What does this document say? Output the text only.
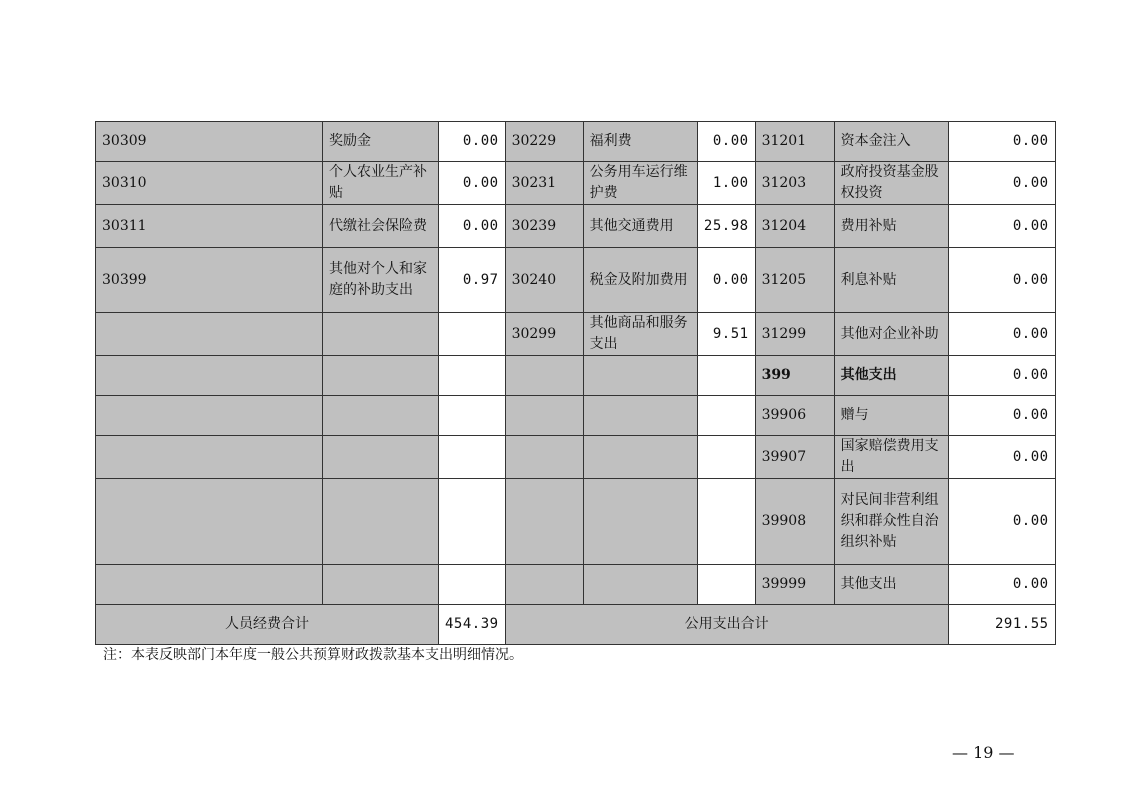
30309	奖励金	0.00	30229	福利费	0.00	31201	资本金注入	0.00
30310	个人农业生产补贴	0.00	30231	公务用车运行维护费	1.00	31203	政府投资基金股权投资	0.00
30311	代缴社会保险费	0.00	30239	其他交通费用	25.98	31204	费用补贴	0.00
30399	其他对个人和家庭的补助支出	0.97	30240	税金及附加费用	0.00	31205	利息补贴	0.00
			30299	其他商品和服务支出	9.51	31299	其他对企业补助	0.00
						399	其他支出	0.00
						39906	赠与	0.00
						39907	国家赔偿费用支出	0.00
						39908	对民间非营利组织和群众性自治组织补贴	0.00
						39999	其他支出	0.00
人员经费合计		454.39	公用支出合计					291.55
注：本表反映部门本年度一般公共预算财政拨款基本支出明细情况。
— 19 —
